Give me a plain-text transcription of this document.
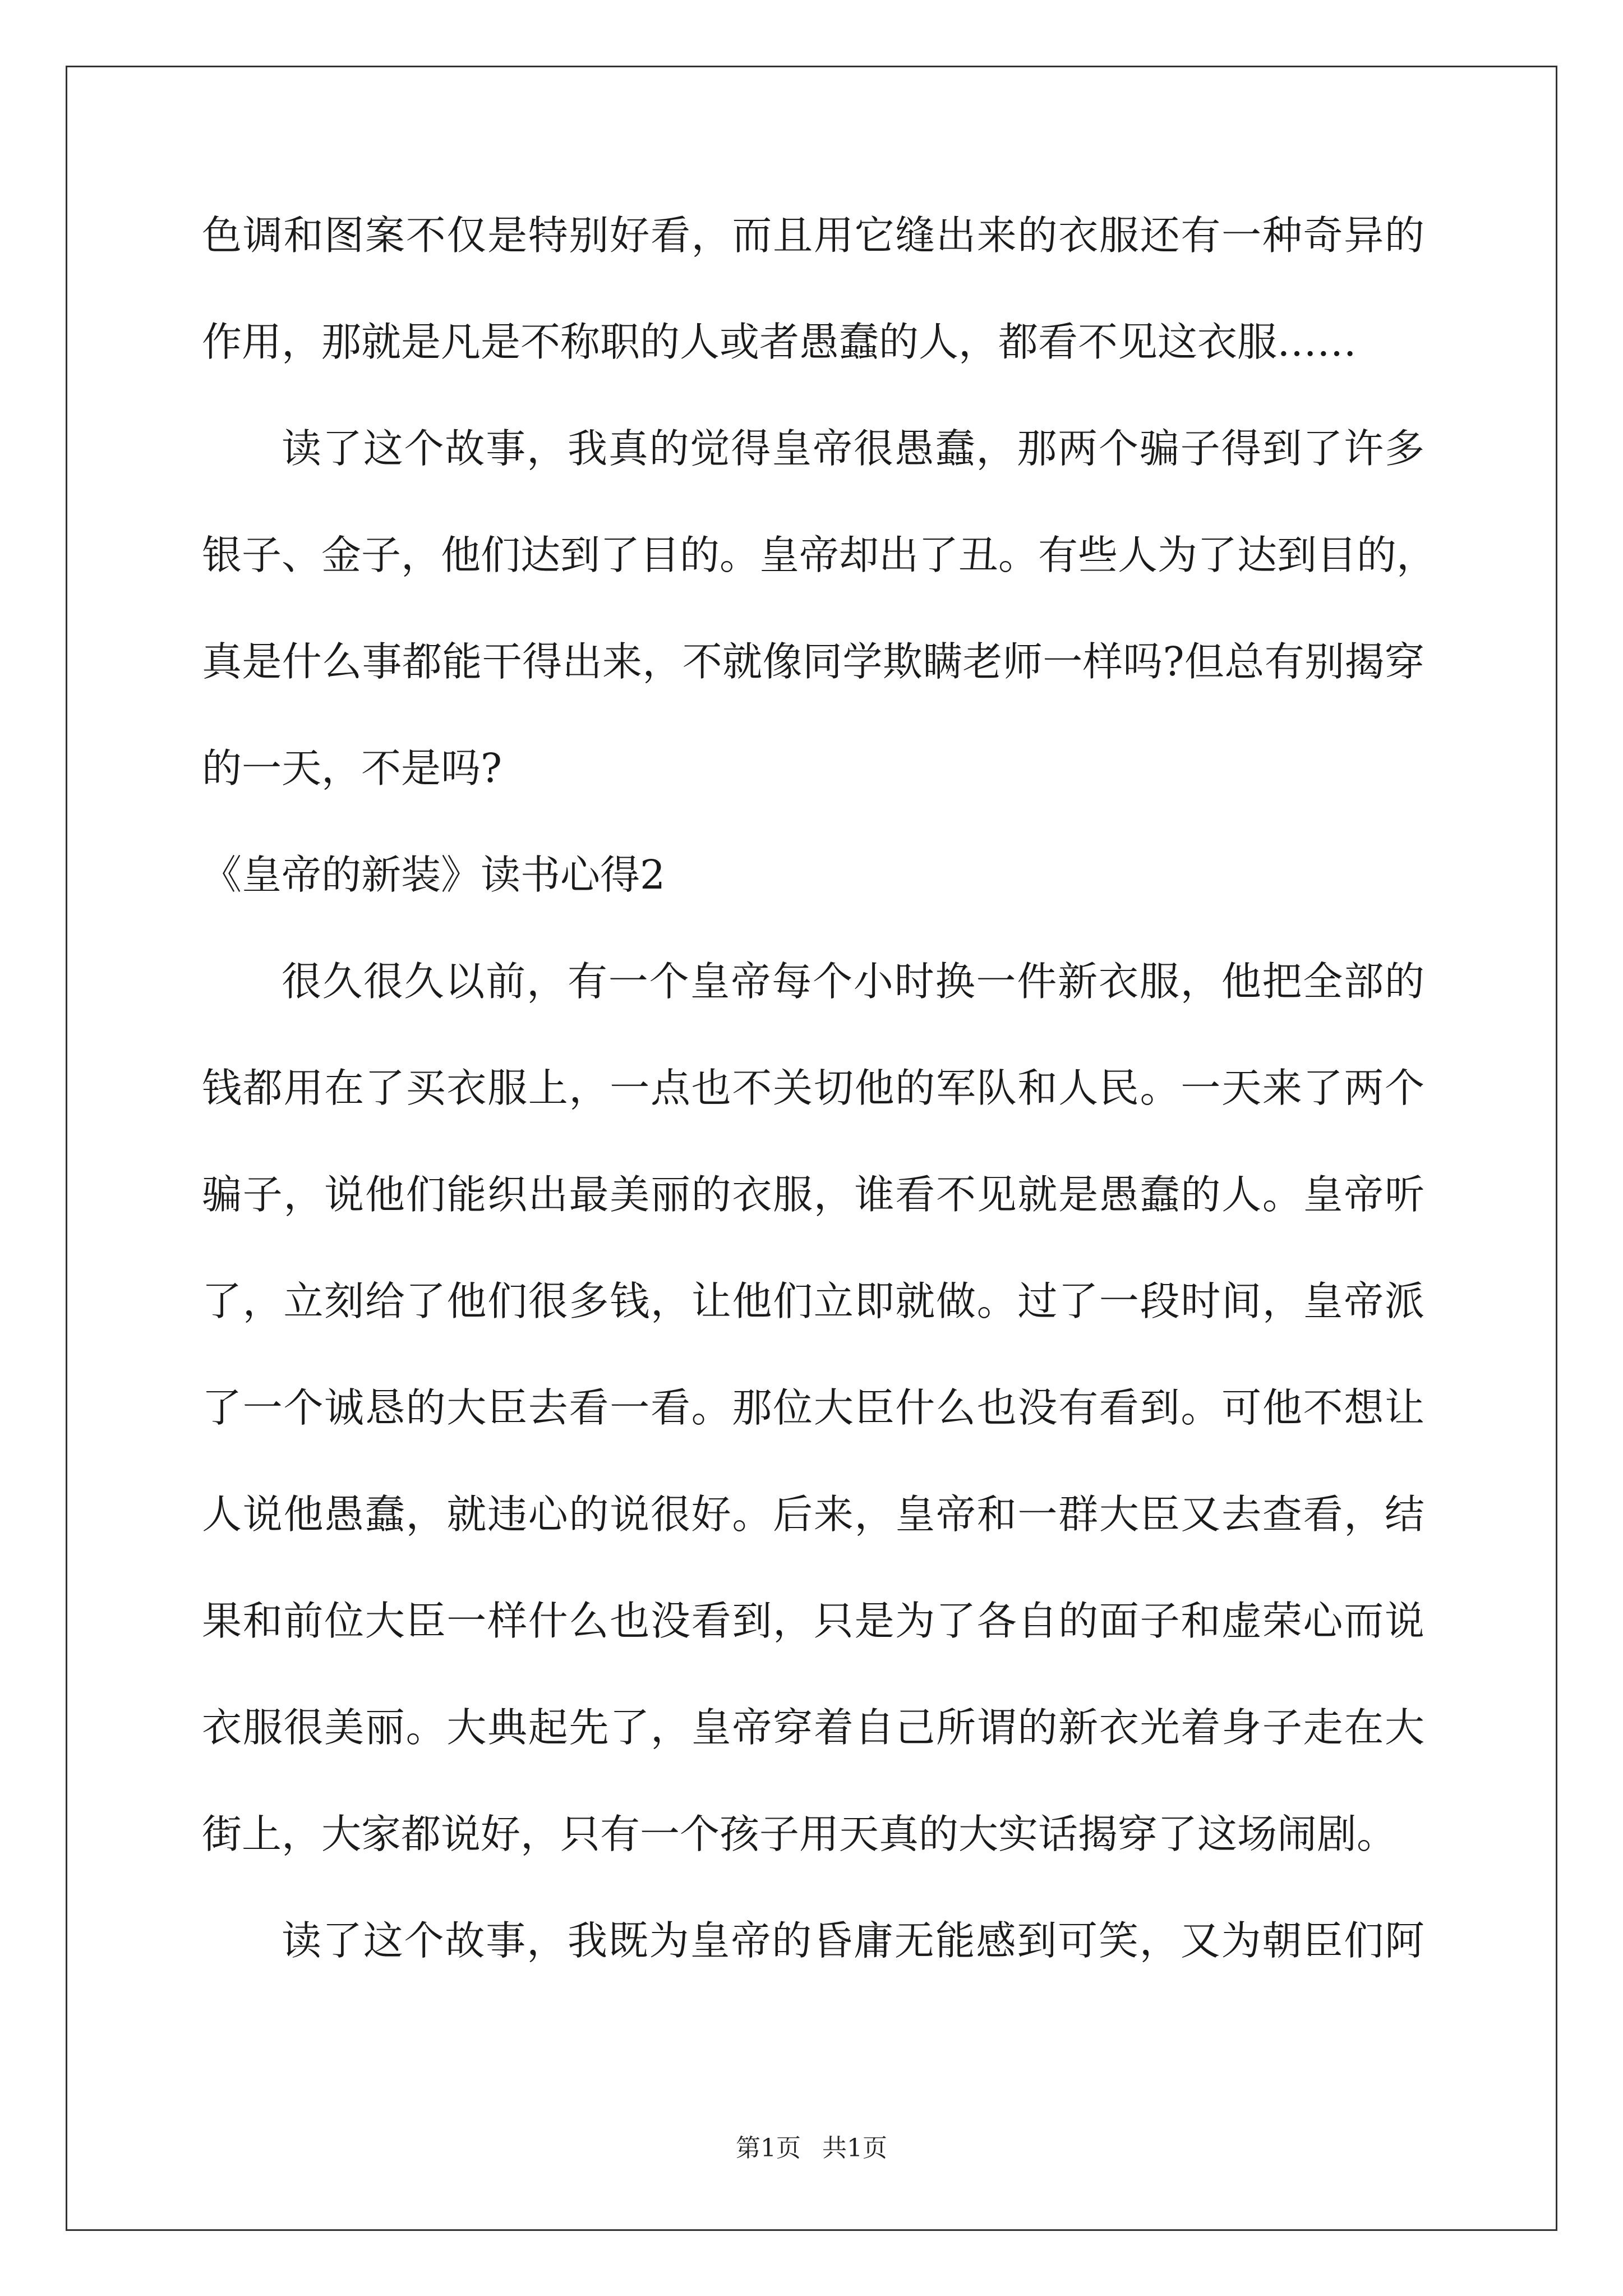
色调和图案不仅是特别好看，而且用它缝出来的衣服还有一种奇异的
作用，那就是凡是不称职的人或者愚蠢的人，都看不见这衣服……
读了这个故事，我真的觉得皇帝很愚蠢，那两个骗子得到了许多
银子、金子，他们达到了目的。皇帝却出了丑。有些人为了达到目的，
真是什么事都能干得出来，不就像同学欺瞒老师一样吗?但总有别揭穿
的一天，不是吗?
《皇帝的新装》读书心得2
很久很久以前，有一个皇帝每个小时换一件新衣服，他把全部的
钱都用在了买衣服上，一点也不关切他的军队和人民。一天来了两个
骗子，说他们能织出最美丽的衣服，谁看不见就是愚蠢的人。皇帝听
了，立刻给了他们很多钱，让他们立即就做。过了一段时间，皇帝派
了一个诚恳的大臣去看一看。那位大臣什么也没有看到。可他不想让
人说他愚蠢，就违心的说很好。后来，皇帝和一群大臣又去查看，结
果和前位大臣一样什么也没看到，只是为了各自的面子和虚荣心而说
衣服很美丽。大典起先了，皇帝穿着自己所谓的新衣光着身子走在大
街上，大家都说好，只有一个孩子用天真的大实话揭穿了这场闹剧。
读了这个故事，我既为皇帝的昏庸无能感到可笑，又为朝臣们阿
第1页 共1页
